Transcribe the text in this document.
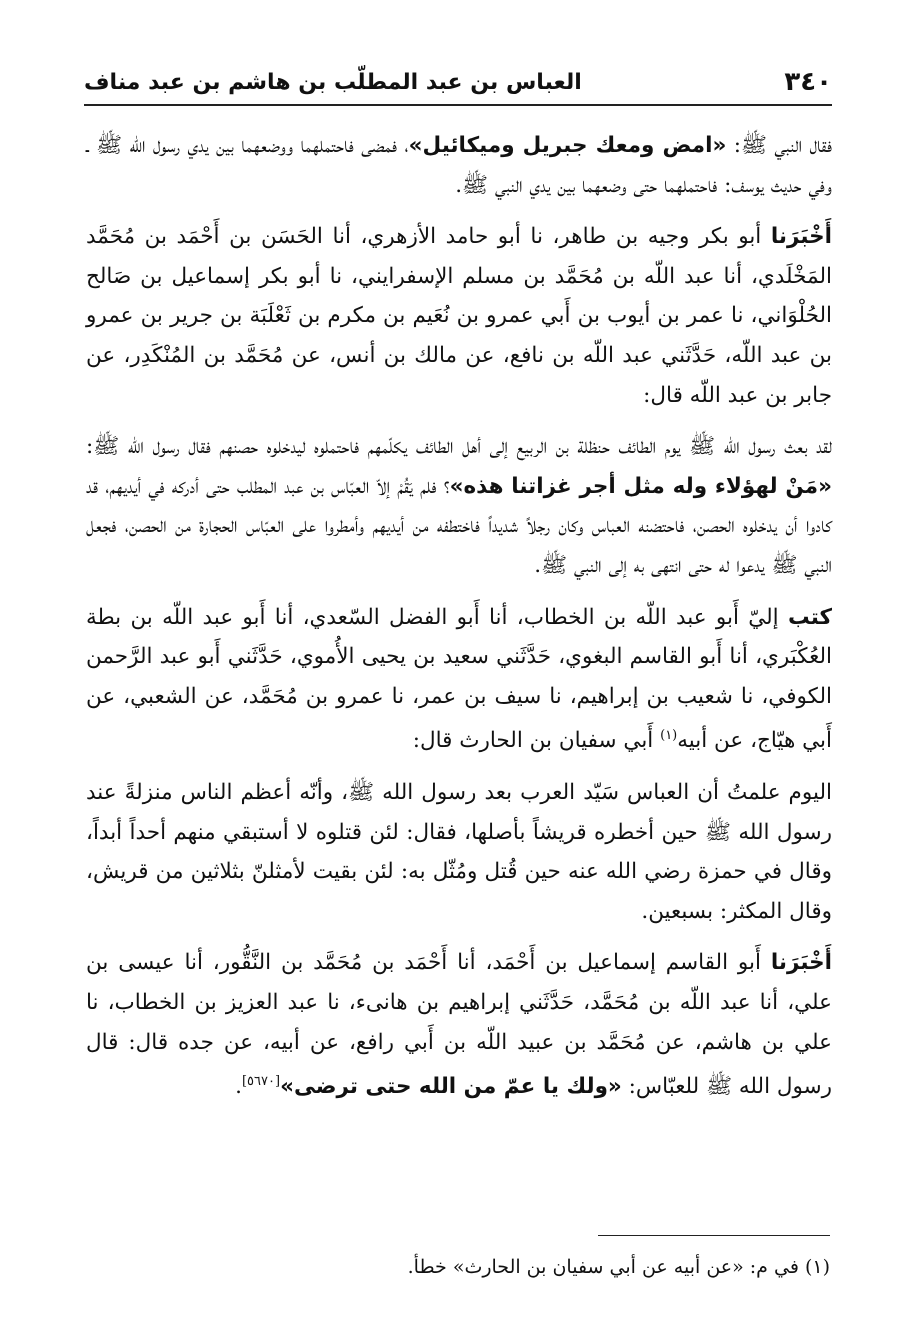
٣٤٠
العباس بن عبد المطلّب بن هاشم بن عبد مناف

فقال النبي ﷺ: «امض ومعك جبريل وميكائيل»، فمضى فاحتملهما ووضعهما بين يدي رسول الله ﷺ ـ وفي حديث يوسف: فاحتملهما حتى وضعهما بين يدي النبي ﷺ.

أَخْبَرَنا أبو بكر وجيه بن طاهر، نا أبو حامد الأزهري، أنا الحَسَن بن أَحْمَد بن مُحَمَّد المَخْلَدي، أنا عبد اللّه بن مُحَمَّد بن مسلم الإسفرايني، نا أبو بكر إسماعيل بن صَالح الحُلْوَاني، نا عمر بن أيوب بن أَبي عمرو بن نُعَيم بن مكرم بن ثَعْلَبَة بن جرير بن عمرو بن عبد اللّه، حَدَّثَني عبد اللّه بن نافع، عن مالك بن أنس، عن مُحَمَّد بن المُنْكَدِر، عن جابر بن عبد اللّه قال:

لقد بعث رسول الله ﷺ يوم الطائف حنظلة بن الربيع إلى أهل الطائف يكلّمهم فاحتملوه ليدخلوه حصنهم فقال رسول الله ﷺ: «مَنْ لهؤلاء وله مثل أجر غزاتنا هذه»؟ فلم يَقُمْ إلاّ العبّاس بن عبد المطلب حتى أدركه في أيديهم، قد كادوا أن يدخلوه الحصن، فاحتضنه العباس وكان رجلاً شديداً فاختطفه من أيديهم وأمطروا على العبّاس الحجارة من الحصن، فجعل النبي ﷺ يدعوا له حتى انتهى به إلى النبي ﷺ.

كتب إليّ أَبو عبد اللّه بن الخطاب، أنا أَبو الفضل السّعدي، أنا أَبو عبد اللّه بن بطة العُكْبَري، أنا أَبو القاسم البغوي، حَدَّثَني سعيد بن يحيى الأُموي، حَدَّثَني أَبو عبد الرَّحمن الكوفي، نا شعيب بن إبراهيم، نا سيف بن عمر، نا عمرو بن مُحَمَّد، عن الشعبي، عن أَبي هيّاج، عن أبيه$^{(١)}$ أَبي سفيان بن الحارث قال:

اليوم علمتُ أن العباس سَيّد العرب بعد رسول الله ﷺ، وأنّه أعظم الناس منزلةً عند رسول الله ﷺ حين أخطره قريشاً بأصلها، فقال: لئن قتلوه لا أستبقي منهم أحداً أبداً، وقال في حمزة رضي الله عنه حين قُتل ومُثّل به: لئن بقيت لأمثلنّ بثلاثين من قريش، وقال المكثر: بسبعين.

أَخْبَرَنا أَبو القاسم إسماعيل بن أَحْمَد، أنا أَحْمَد بن مُحَمَّد بن النَّقُّور، أنا عيسى بن علي، أنا عبد اللّه بن مُحَمَّد، حَدَّثَني إبراهيم بن هانىء، نا عبد العزيز بن الخطاب، نا علي بن هاشم، عن مُحَمَّد بن عبيد اللّه بن أَبي رافع، عن أبيه، عن جده قال: قال رسول الله ﷺ للعبّاس: «ولك يا عمّ من الله حتى ترضى»[٥٦٧٠].

(١) في م: «عن أبيه عن أبي سفيان بن الحارث» خطأ.
